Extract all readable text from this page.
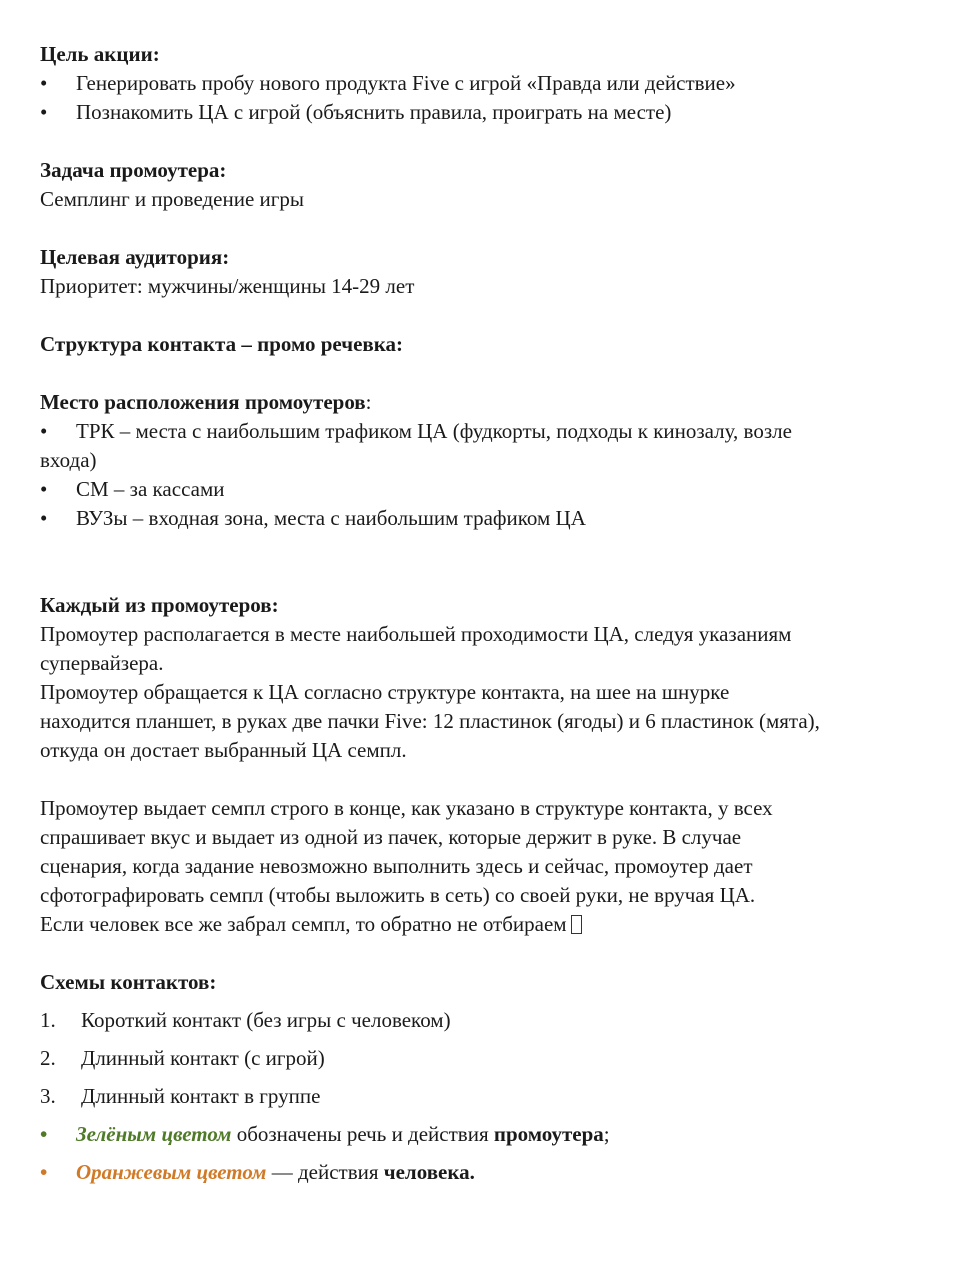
Цель акции:
• Генерировать пробу нового продукта Five с игрой «Правда или действие»
• Познакомить ЦА с игрой (объяснить правила, проиграть на месте)
Задача промоутера:
Семплинг и проведение игры
Целевая аудитория:
Приоритет: мужчины/женщины 14-29 лет
Структура контакта – промо речевка:
Место расположения промоутеров:
• ТРК – места с наибольшим трафиком ЦА (фудкорты, подходы к кинозалу, возле
входа)
• СМ – за кассами
• ВУЗы – входная зона, места с наибольшим трафиком ЦА
Каждый из промоутеров:
Промоутер располагается в месте наибольшей проходимости ЦА, следуя указаниям
супервайзера.
Промоутер обращается к ЦА согласно структуре контакта, на шее на шнурке
находится планшет, в руках две пачки Five: 12 пластинок (ягоды) и 6 пластинок (мята),
откуда он достает выбранный ЦА семпл.
Промоутер выдает семпл строго в конце, как указано в структуре контакта, у всех
спрашивает вкус и выдает из одной из пачек, которые держит в руке. В случае
сценария, когда задание невозможно выполнить здесь и сейчас, промоутер дает
сфотографировать семпл (чтобы выложить в сеть) со своей руки, не вручая ЦА.
Если человек все же забрал семпл, то обратно не отбираем
Схемы контактов:
1. Короткий контакт (без игры с человеком)
2. Длинный контакт (с игрой)
3. Длинный контакт в группе
• Зелёным цветом обозначены речь и действия промоутера;
• Оранжевым цветом — действия человека.
